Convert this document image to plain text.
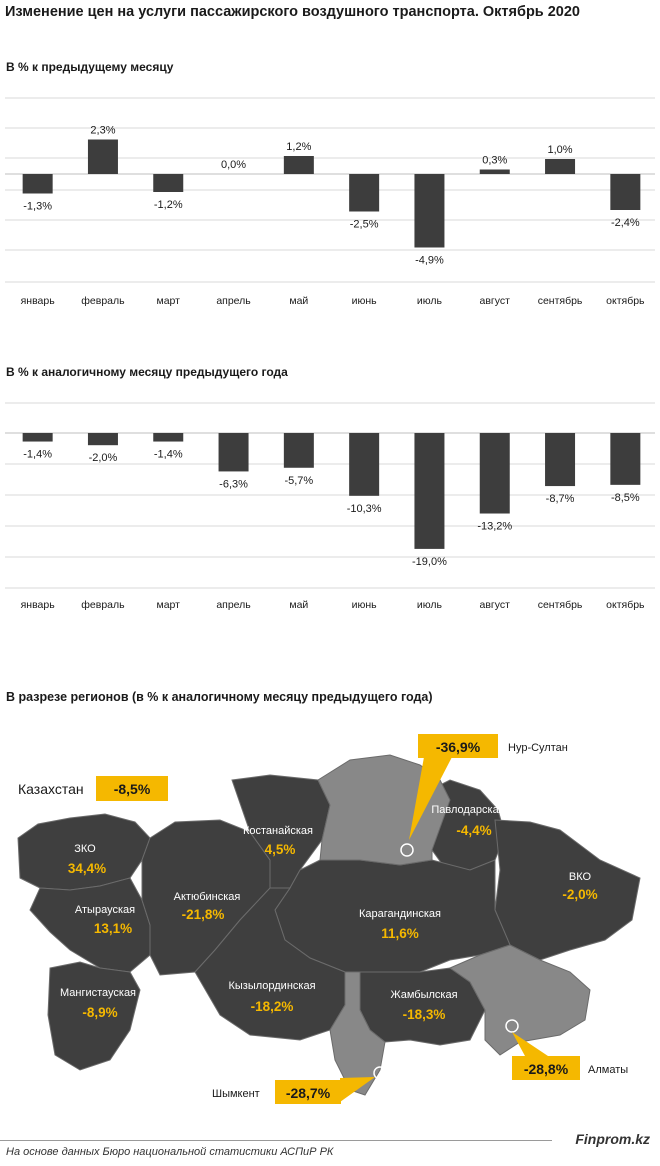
Изменение цен на услуги пассажирского воздушного транспорта. Октябрь 2020
В % к предыдущему месяцу
-1,3%
январь
2,3%
февраль
-1,2%
март
0,0%
апрель
1,2%
май
-2,5%
июнь
-4,9%
июль
0,3%
август
1,0%
сентябрь
-2,4%
октябрь
В % к аналогичному месяцу предыдущего года
-1,4%
январь
-2,0%
февраль
-1,4%
март
-6,3%
апрель
-5,7%
май
-10,3%
июнь
-19,0%
июль
-13,2%
август
-8,7%
сентябрь
-8,5%
октябрь
В разрезе регионов (в % к аналогичному месяцу предыдущего года)
-36,9%	Нур-Султан
-28,8% Алматы
-28,7%
Шымкент
Казахстан -8,5%
ЗКО
Атырауская
Мангистауская
Актюбинская
Костанайская
Павлодарская
ВКО
Карагандинская
Кызылординская
Жамбылская
34,4%
13,1%
-8,9%
-21,8%
4,5%
-4,4%
-2,0%
11,6%
-18,2%
-18,3%
На основе данных Бюро национальной статистики АСПиР РК
Finprom.kz
